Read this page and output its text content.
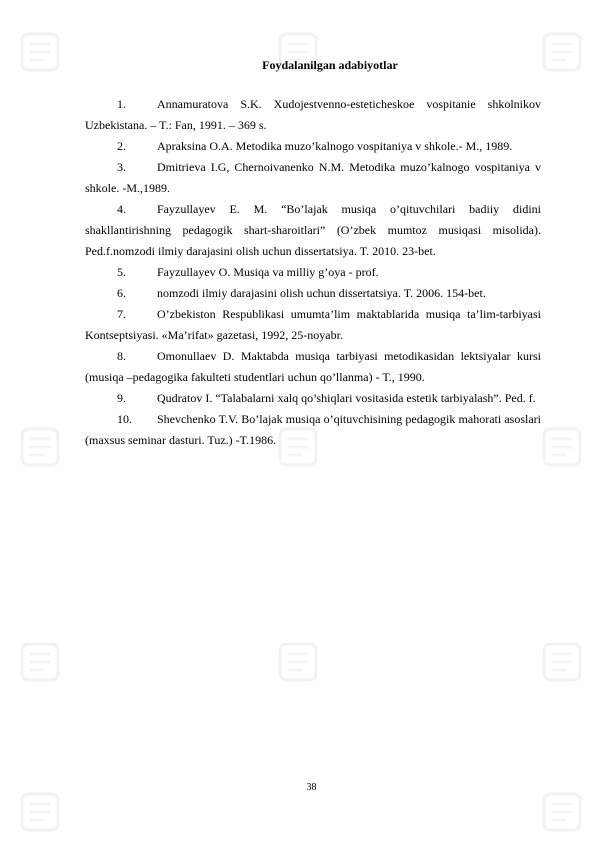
Foydalanilgan adabiyotlar
1.	Annamuratova S.K. Xudojestvenno-esteticheskoe vospitanie shkolnikov Uzbekistana. – T.: Fan, 1991. – 369 s.
2.	Apraksina O.A. Metodika muzo’kalnogo vospitaniya v shkole.- M., 1989.
3.	Dmitrieva I.G, Chernoivanenko N.M. Metodika muzo’kalnogo vospitaniya v shkole. -M.,1989.
4.	Fayzullayev E. M. “Bo’lajak musiqa o’qituvchilari badiiy didini shakllantirishning pedagogik shart-sharoitlari” (O’zbek mumtoz musiqasi misolida). Ped.f.nomzodi ilmiy darajasini olish uchun dissertatsiya. T. 2010. 23-bet.
5.	Fayzullayev O. Musiqa va milliy g’oya - prof.
6.	nomzodi ilmiy darajasini olish uchun dissertatsiya. T. 2006. 154-bet.
7.	O’zbekiston Respublikasi umumta’lim maktablarida musiqa ta’lim-tarbiyasi Kontseptsiyasi. «Ma’rifat» gazetasi, 1992, 25-noyabr.
8.	Omonullaev D. Maktabda musiqa tarbiyasi metodikasidan lektsiyalar kursi (musiqa –pedagogika fakulteti studentlari uchun qo’llanma) - T., 1990.
9.	Qudratov I. “Talabalarni xalq qo’shiqlari vositasida estetik tarbiyalash”. Ped. f.
10. Shevchenko T.V. Bo’lajak musiqa o’qituvchisining pedagogik mahorati asoslari (maxsus seminar dasturi. Tuz.) -T.1986.
38
